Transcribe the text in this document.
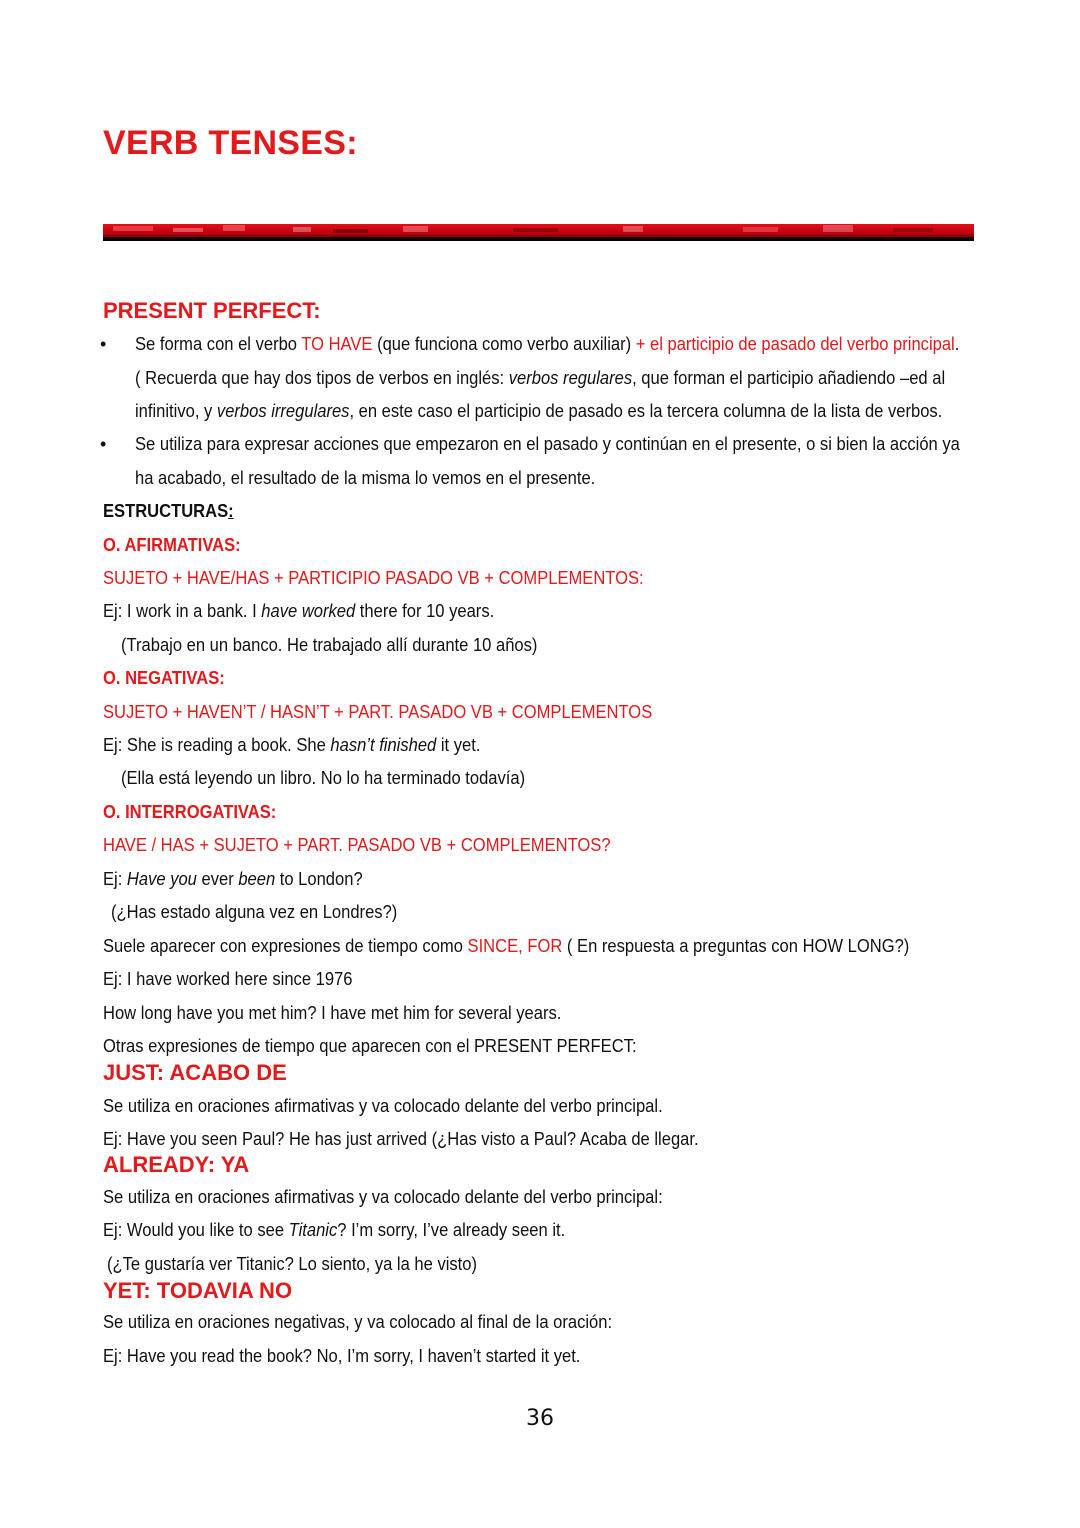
VERB TENSES:
PRESENT PERFECT:
• Se forma con el verbo TO HAVE (que funciona como verbo auxiliar) + el participio de pasado del verbo principal.
( Recuerda que hay dos tipos de verbos en inglés: verbos regulares, que forman el participio añadiendo –ed al
infinitivo, y verbos irregulares, en este caso el participio de pasado es la tercera columna de la lista de verbos.
• Se utiliza para expresar acciones que empezaron en el pasado y continúan en el presente, o si bien la acción ya
ha acabado, el resultado de la misma lo vemos en el presente.
ESTRUCTURAS:
O. AFIRMATIVAS:
SUJETO + HAVE/HAS + PARTICIPIO PASADO VB + COMPLEMENTOS:
Ej: I work in a bank. I have worked there for 10 years.
(Trabajo en un banco. He trabajado allí durante 10 años)
O. NEGATIVAS:
SUJETO + HAVEN’T / HASN’T + PART. PASADO VB + COMPLEMENTOS
Ej: She is reading a book. She hasn’t finished it yet.
(Ella está leyendo un libro. No lo ha terminado todavía)
O. INTERROGATIVAS:
HAVE / HAS + SUJETO + PART. PASADO VB + COMPLEMENTOS?
Ej: Have you ever been to London?
(¿Has estado alguna vez en Londres?)
Suele aparecer con expresiones de tiempo como SINCE, FOR ( En respuesta a preguntas con HOW LONG?)
Ej: I have worked here since 1976
How long have you met him? I have met him for several years.
Otras expresiones de tiempo que aparecen con el PRESENT PERFECT:
JUST: ACABO DE
Se utiliza en oraciones afirmativas y va colocado delante del verbo principal.
Ej: Have you seen Paul? He has just arrived (¿Has visto a Paul? Acaba de llegar.
ALREADY: YA
Se utiliza en oraciones afirmativas y va colocado delante del verbo principal:
Ej: Would you like to see Titanic? I’m sorry, I’ve already seen it.
(¿Te gustaría ver Titanic? Lo siento, ya la he visto)
YET: TODAVIA NO
Se utiliza en oraciones negativas, y va colocado al final de la oración:
Ej: Have you read the book? No, I’m sorry, I haven’t started it yet.
36
